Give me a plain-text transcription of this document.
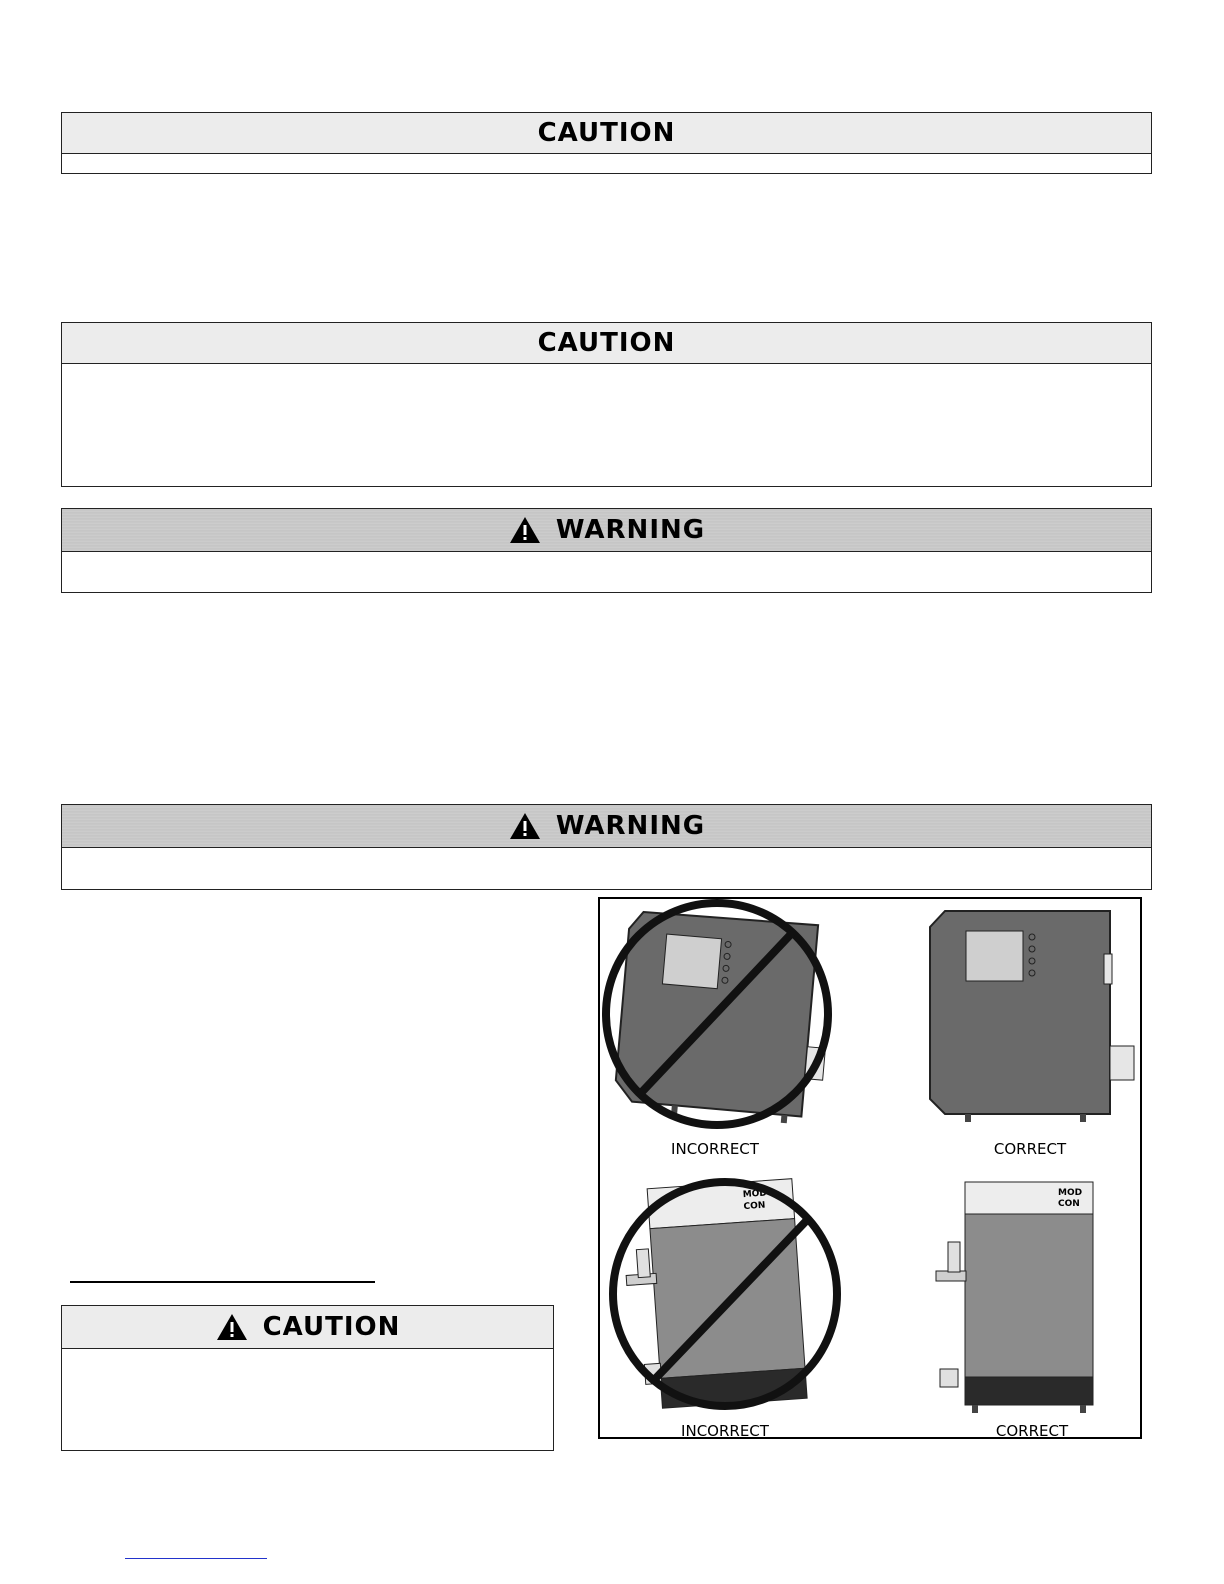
CAUTION
CAUTION
WARNING
WARNING
CAUTION
MOD
CON
MOD
CON
INCORRECT	CORRECT
INCORRECT	CORRECT
